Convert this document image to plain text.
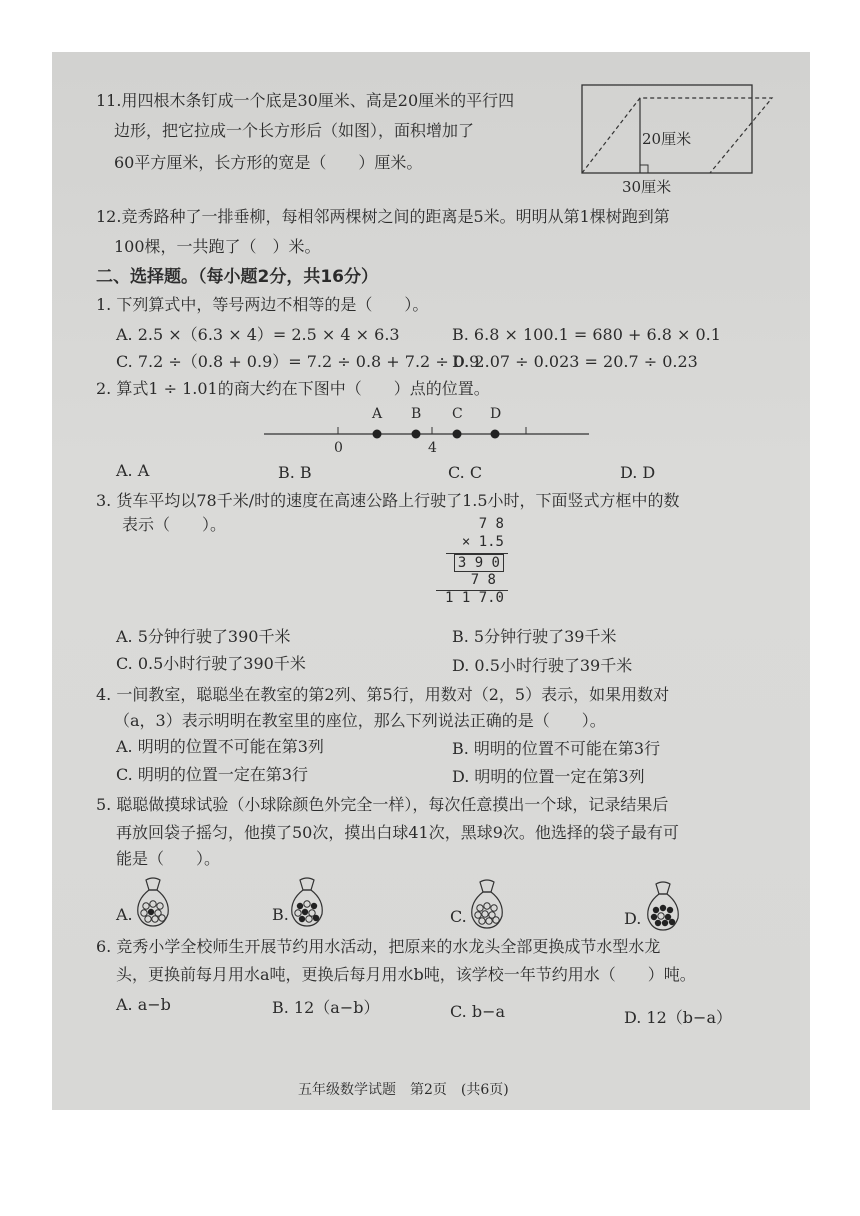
11.用四根木条钉成一个底是30厘米、高是20厘米的平行四
边形，把它拉成一个长方形后（如图），面积增加了
60平方厘米，长方形的宽是（　　）厘米。
20厘米
30厘米
12.竞秀路种了一排垂柳，每相邻两棵树之间的距离是5米。明明从第1棵树跑到第
100棵，一共跑了（　）米。
二、选择题。（每小题2分，共16分）
1. 下列算式中，等号两边不相等的是（　　）。
A. 2.5 ×（6.3 × 4）= 2.5 × 4 × 6.3	B. 6.8 × 100.1 = 680 + 6.8 × 0.1
C. 7.2 ÷（0.8 + 0.9）= 7.2 ÷ 0.8 + 7.2 ÷ 0.9
D. 2.07 ÷ 0.023 = 20.7 ÷ 0.23
2. 算式1 ÷ 1.01的商大约在下图中（　　）点的位置。
0	4
A B C D
A. A	B. B	C. C	D. D
3. 货车平均以78千米/时的速度在高速公路上行驶了1.5小时，下面竖式方框中的数
表示（　　）。	7 8
× 1.5
3 9 0
7 8
1 1 7.0
A. 5分钟行驶了390千米	B. 5分钟行驶了39千米
C. 0.5小时行驶了390千米	D. 0.5小时行驶了39千米
4. 一间教室，聪聪坐在教室的第2列、第5行，用数对（2，5）表示，如果用数对
（a，3）表示明明在教室里的座位，那么下列说法正确的是（　　）。
A. 明明的位置不可能在第3列	B. 明明的位置不可能在第3行
C. 明明的位置一定在第3行	D. 明明的位置一定在第3列
5. 聪聪做摸球试验（小球除颜色外完全一样），每次任意摸出一个球，记录结果后
再放回袋子摇匀，他摸了50次，摸出白球41次，黑球9次。他选择的袋子最有可
能是（　　）。
A.	B.	C.	D.
6. 竞秀小学全校师生开展节约用水活动，把原来的水龙头全部更换成节水型水龙
头，更换前每月用水a吨，更换后每月用水b吨，该学校一年节约用水（　　）吨。
A. a−b	B. 12（a−b）	C. b−a	D. 12（b−a）
五年级数学试题　第2页　(共6页)
